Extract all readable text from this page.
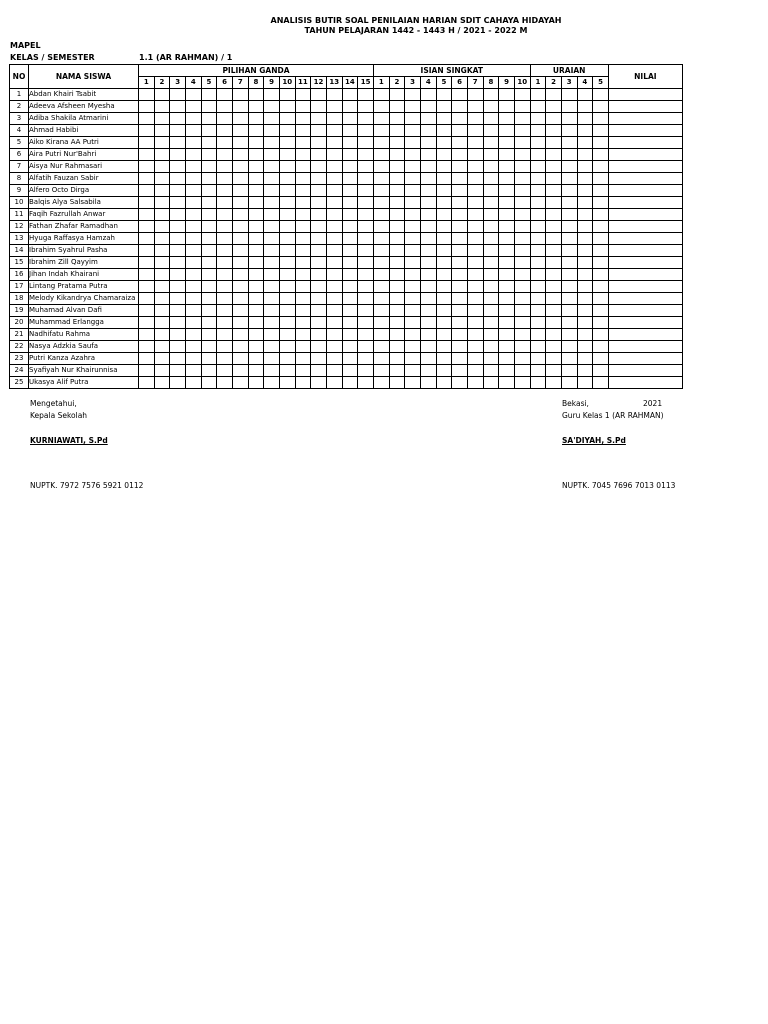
ANALISIS BUTIR SOAL PENILAIAN HARIAN SDIT CAHAYA HIDAYAH
TAHUN PELAJARAN 1442 - 1443 H / 2021 - 2022 M
MAPEL
KELAS / SEMESTER	1.1 (AR RAHMAN) / 1
NO	NAMA SISWA	PILIHAN GANDA															ISIAN SINGKAT										URAIAN					NILAI
		1	2	3	4	5	6	7	8	9	10	11	12	13	14	15	1	2	3	4	5	6	7	8	9	10	1	2	3	4	5	
1	Abdan Khairi Tsabit																															
2	Adeeva Afsheen Myesha																															
3	Adiba Shakila Atmarini																															
4	Ahmad Habibi																															
5	Aiko Kirana AA Putri																															
6	Aira Putri Nur'Bahri																															
7	Aisya Nur Rahmasari																															
8	Alfatih Fauzan Sabir																															
9	Alfero Octo Dirga																															
10	Balqis Alya Salsabila																															
11	Faqih Fazrullah Anwar																															
12	Fathan Zhafar Ramadhan																															
13	Hyuga Raffasya Hamzah																															
14	Ibrahim Syahrul Pasha																															
15	Ibrahim Zill Qayyim																															
16	Jihan Indah Khairani																															
17	Lintang Pratama Putra																															
18	Melody Kikandrya Chamaraiza																															
19	Muhamad Alvan Dafi																															
20	Muhammad Erlangga																															
21	Nadhifatu Rahma																															
22	Nasya Adzkia Saufa																															
23	Putri Kanza Azahra																															
24	Syafiyah Nur Khairunnisa																															
25	Ukasya Alif Putra																															
Mengetahui,
Kepala Sekolah
KURNIAWATI, S.Pd
NUPTK. 7972 7576 5921 0112
Bekasi,	2021
Guru Kelas 1 (AR RAHMAN)
SA'DIYAH, S.Pd
NUPTK. 7045 7696 7013 0113
